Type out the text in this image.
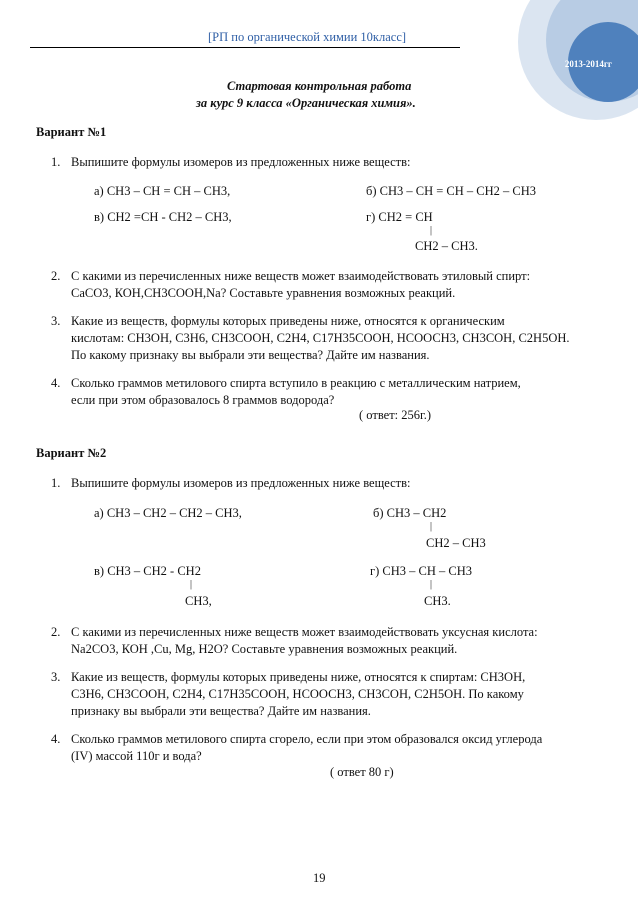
[РП по органической химии 10класс]
2013-2014гг
Стартовая контрольная работа
за курс 9 класса «Органическая химия».
Вариант №1
1. Выпишите формулы изомеров из предложенных ниже веществ:
а) СН3 – СН = СН – СН3,	б) СН3 – СН = СН – СН2 – СН3
в) СН2 =СН - СН2 – СН3,	г) СН2 = СН
|
СН2 – СН3.
2. С какими из перечисленных ниже веществ может взаимодействовать этиловый спирт:
СаСО3, КОН,СН3СООН,Na? Составьте уравнения возможных реакций.
3. Какие из веществ, формулы которых приведены ниже, относятся к органическим
кислотам: СН3ОН, С3Н6, СН3СООН, С2Н4, С17Н35СООН, НСООСН3, СН3СОН, С2Н5ОН.
По какому признаку вы выбрали эти вещества? Дайте им названия.
4. Сколько граммов метилового спирта вступило в реакцию с металлическим натрием,
если при этом образовалось 8 граммов водорода?
( ответ: 256г.)
Вариант №2
1. Выпишите формулы изомеров из предложенных ниже веществ:
а) СН3 – СН2 – СН2 – СН3,	б) СН3 – СН2
|
СН2 – СН3
в) СН3 – СН2 - СН2
|
СН3,
г) СН3 – СН – СН3
|
СН3.
2. С какими из перечисленных ниже веществ может взаимодействовать уксусная кислота:
Na2CO3, КОН ,Cu, Mg, H2O? Составьте уравнения возможных реакций.
3. Какие из веществ, формулы которых приведены ниже, относятся к спиртам: СН3ОН,
С3Н6, СН3СООН, С2Н4, С17Н35СООН, НСООСН3, СН3СОН, С2Н5ОН. По какому
признаку вы выбрали эти вещества? Дайте им названия.
4. Сколько граммов метилового спирта сгорело, если при этом образовался оксид углерода
(IV) массой 110г и вода?
( ответ 80 г)
19
